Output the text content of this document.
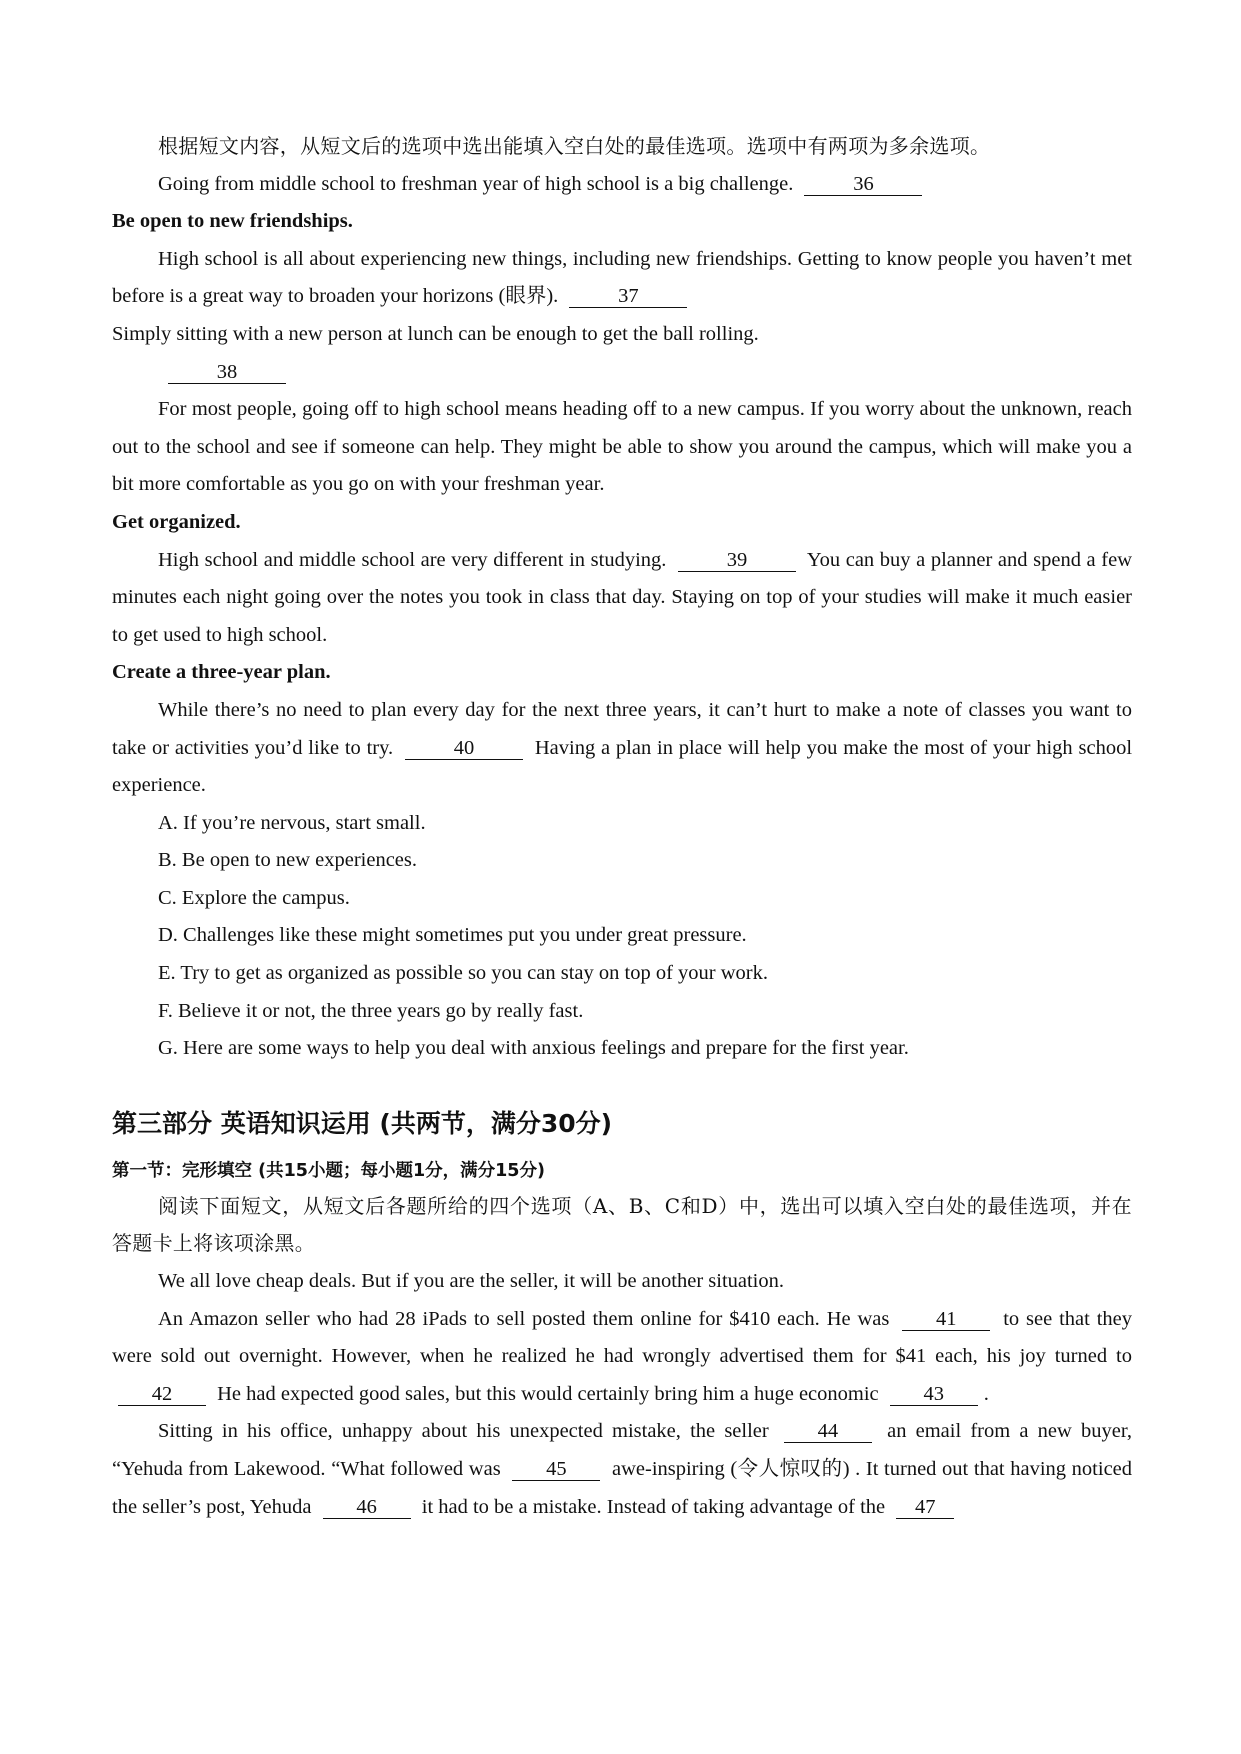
根据短文内容，从短文后的选项中选出能填入空白处的最佳选项。选项中有两项为多余选项。

Going from middle school to freshman year of high school is a big challenge.	36

Be open to new friendships.

High school is all about experiencing new things, including new friendships. Getting to know people you haven’t met before is a great way to broaden your horizons (眼界).	37

Simply sitting with a new person at lunch can be enough to get the ball rolling.

38

For most people, going off to high school means heading off to a new campus. If you worry about the unknown, reach out to the school and see if someone can help. They might be able to show you around the campus, which will make you a bit more comfortable as you go on with your freshman year.

Get organized.

High school and middle school are very different in studying.	39	You can buy a planner and spend a few minutes each night going over the notes you took in class that day. Staying on top of your studies will make it much easier to get used to high school.

Create a three-year plan.

While there’s no need to plan every day for the next three years, it can’t hurt to make a note of classes you want to take or activities you’d like to try.	40	Having a plan in place will help you make the most of your high school experience.

A. If you’re nervous, start small.

B. Be open to new experiences.

C. Explore the campus.

D. Challenges like these might sometimes put you under great pressure.

E. Try to get as organized as possible so you can stay on top of your work.

F. Believe it or not, the three years go by really fast.

G. Here are some ways to help you deal with anxious feelings and prepare for the first year.

第三部分 英语知识运用 (共两节，满分30分)

第一节：完形填空 (共15小题；每小题1分，满分15分)

阅读下面短文，从短文后各题所给的四个选项（A、B、C和D）中，选出可以填入空白处的最佳选项，并在答题卡上将该项涂黑。

We all love cheap deals. But if you are the seller, it will be another situation.

An Amazon seller who had 28 iPads to sell posted them online for $410 each. He was 41 to see that they were sold out overnight. However, when he realized he had wrongly advertised them for $41 each, his joy turned to 42 He had expected good sales, but this would certainly bring him a huge economic 43 .

Sitting in his office, unhappy about his unexpected mistake, the seller 44 an email from a new buyer, “Yehuda from Lakewood. “What followed was 45 awe-inspiring (令人惊叹的) . It turned out that having noticed the seller’s post, Yehuda 46 it had to be a mistake. Instead of taking advantage of the 47
